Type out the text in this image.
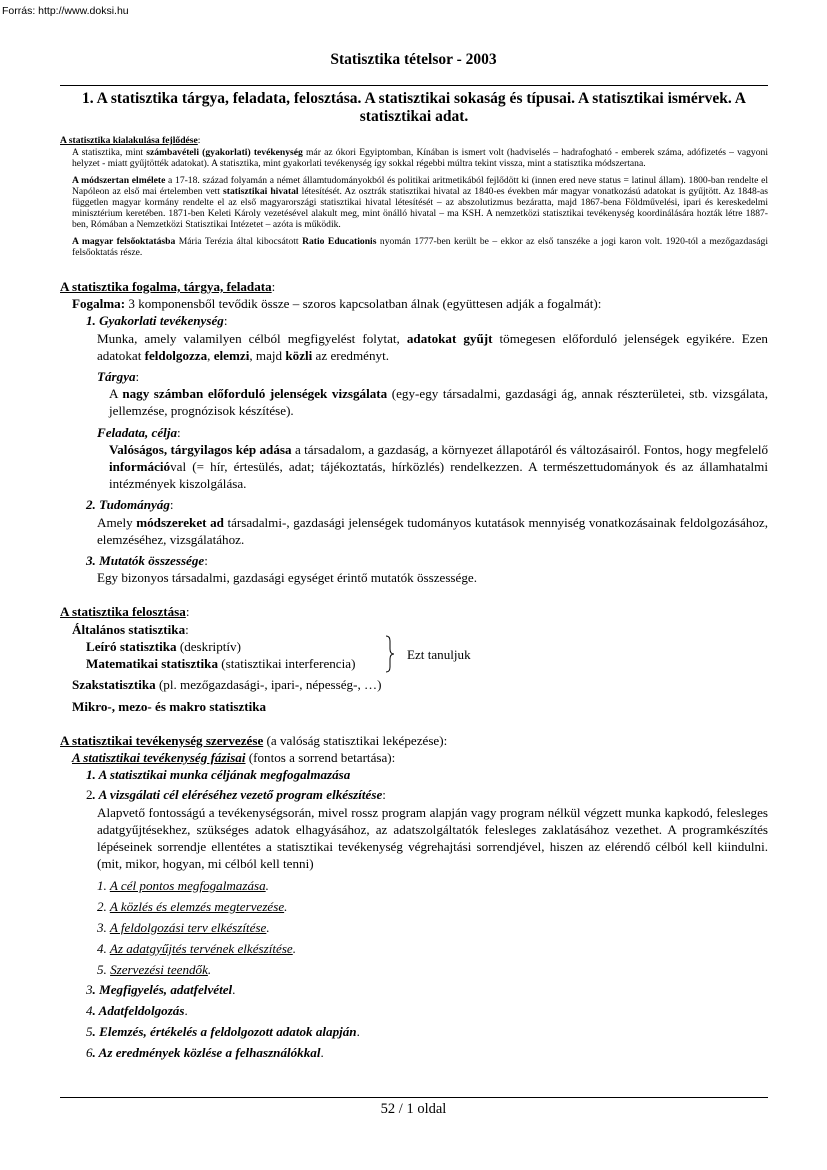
Forrás: http://www.doksi.hu
Statisztika tételsor - 2003
1. A statisztika tárgya, feladata, felosztása. A statisztikai sokaság és típusai. A statisztikai ismérvek. A statisztikai adat.
A statisztika kialakulása fejlődése:

A statisztika, mint számbavételi (gyakorlati) tevékenység már az ókori Egyiptomban, Kínában is ismert volt (hadviselés – hadrafogható - emberek száma, adófizetés – vagyoni helyzet - miatt gyűjtötték adatokat). A statisztika, mint gyakorlati tevékenység így sokkal régebbi múltra tekint vissza, mint a statisztika módszertana.

A módszertan elmélete a 17-18. század folyamán a német államtudományokból és politikai aritmetikából fejlődött ki (innen ered neve status = latinul állam). 1800-ban rendelte el Napóleon az első mai értelemben vett statisztikai hivatal létesítését. Az osztrák statisztikai hivatal az 1840-es években már magyar vonatkozású adatokat is gyűjtött. Az 1848-as független magyar kormány rendelte el az első magyarországi statisztikai hivatal létesítését – az abszolutizmus bezáratta, majd 1867-bena Földművelési, ipari és kereskedelmi minisztérium keretében. 1871-ben Keleti Károly vezetésével alakult meg, mint önálló hivatal – ma KSH. A nemzetközi statisztikai tevékenység koordinálására hozták létre 1887-ben, Rómában a Nemzetközi Statisztikai Intézetet – azóta is működik.

A magyar felsőoktatásba Mária Terézia által kibocsátott Ratio Educationis nyomán 1777-ben került be – ekkor az első tanszéke a jogi karon volt. 1920-tól a mezőgazdasági felsőoktatás része.

A statisztika fogalma, tárgya, feladata:

Fogalma: 3 komponensből tevődik össze – szoros kapcsolatban álnak (együttesen adják a fogalmát):

1. Gyakorlati tevékenység:

Munka, amely valamilyen célból megfigyelést folytat, adatokat gyűjt tömegesen előforduló jelenségek egyikére. Ezen adatokat feldolgozza, elemzi, majd közli az eredményt.

Tárgya:

A nagy számban előforduló jelenségek vizsgálata (egy-egy társadalmi, gazdasági ág, annak részterületei, stb. vizsgálata, jellemzése, prognózisok készítése).

Feladata, célja:

Valóságos, tárgyilagos kép adása a társadalom, a gazdaság, a környezet állapotáról és változásairól. Fontos, hogy megfelelő információval (= hír, értesülés, adat; tájékoztatás, hírközlés) rendelkezzen. A természettudományok és az államhatalmi intézmények kiszolgálása.

2. Tudományág:

Amely módszereket ad társadalmi-, gazdasági jelenségek tudományos kutatások mennyiség vonatkozásainak feldolgozásához, elemzéséhez, vizsgálatához.

3. Mutatók összessége:

Egy bizonyos társadalmi, gazdasági egységet érintő mutatók összessége.

A statisztika felosztása:

Általános statisztika:

Leíró statisztika (deskriptív)

Matematikai statisztika (statisztikai interferencia)

Ezt tanuljuk

Szakstatisztika (pl. mezőgazdasági-, ipari-, népesség-, …)

Mikro-, mezo- és makro statisztika

A statisztikai tevékenység szervezése (a valóság statisztikai leképezése):

A statisztikai tevékenység fázisai (fontos a sorrend betartása):

1. A statisztikai munka céljának megfogalmazása

2. A vizsgálati cél eléréséhez vezető program elkészítése:

Alapvető fontosságú a tevékenységsorán, mivel rossz program alapján vagy program nélkül végzett munka kapkodó, felesleges adatgyűjtésekhez, szükséges adatok elhagyásához, az adatszolgáltatók felesleges zaklatásához vezethet. A programkészítés lépéseinek sorrendje ellentétes a statisztikai tevékenység végrehajtási sorrendjével, hiszen az elérendő célból kell kiindulni. (mit, mikor, hogyan, mi célból kell tenni)

1. A cél pontos megfogalmazása.

2. A közlés és elemzés megtervezése.

3. A feldolgozási terv elkészítése.

4. Az adatgyűjtés tervének elkészítése.

5. Szervezési teendők.

3. Megfigyelés, adatfelvétel.

4. Adatfeldolgozás.

5. Elemzés, értékelés a feldolgozott adatok alapján.

6. Az eredmények közlése a felhasználókkal.

52 / 1 oldal
